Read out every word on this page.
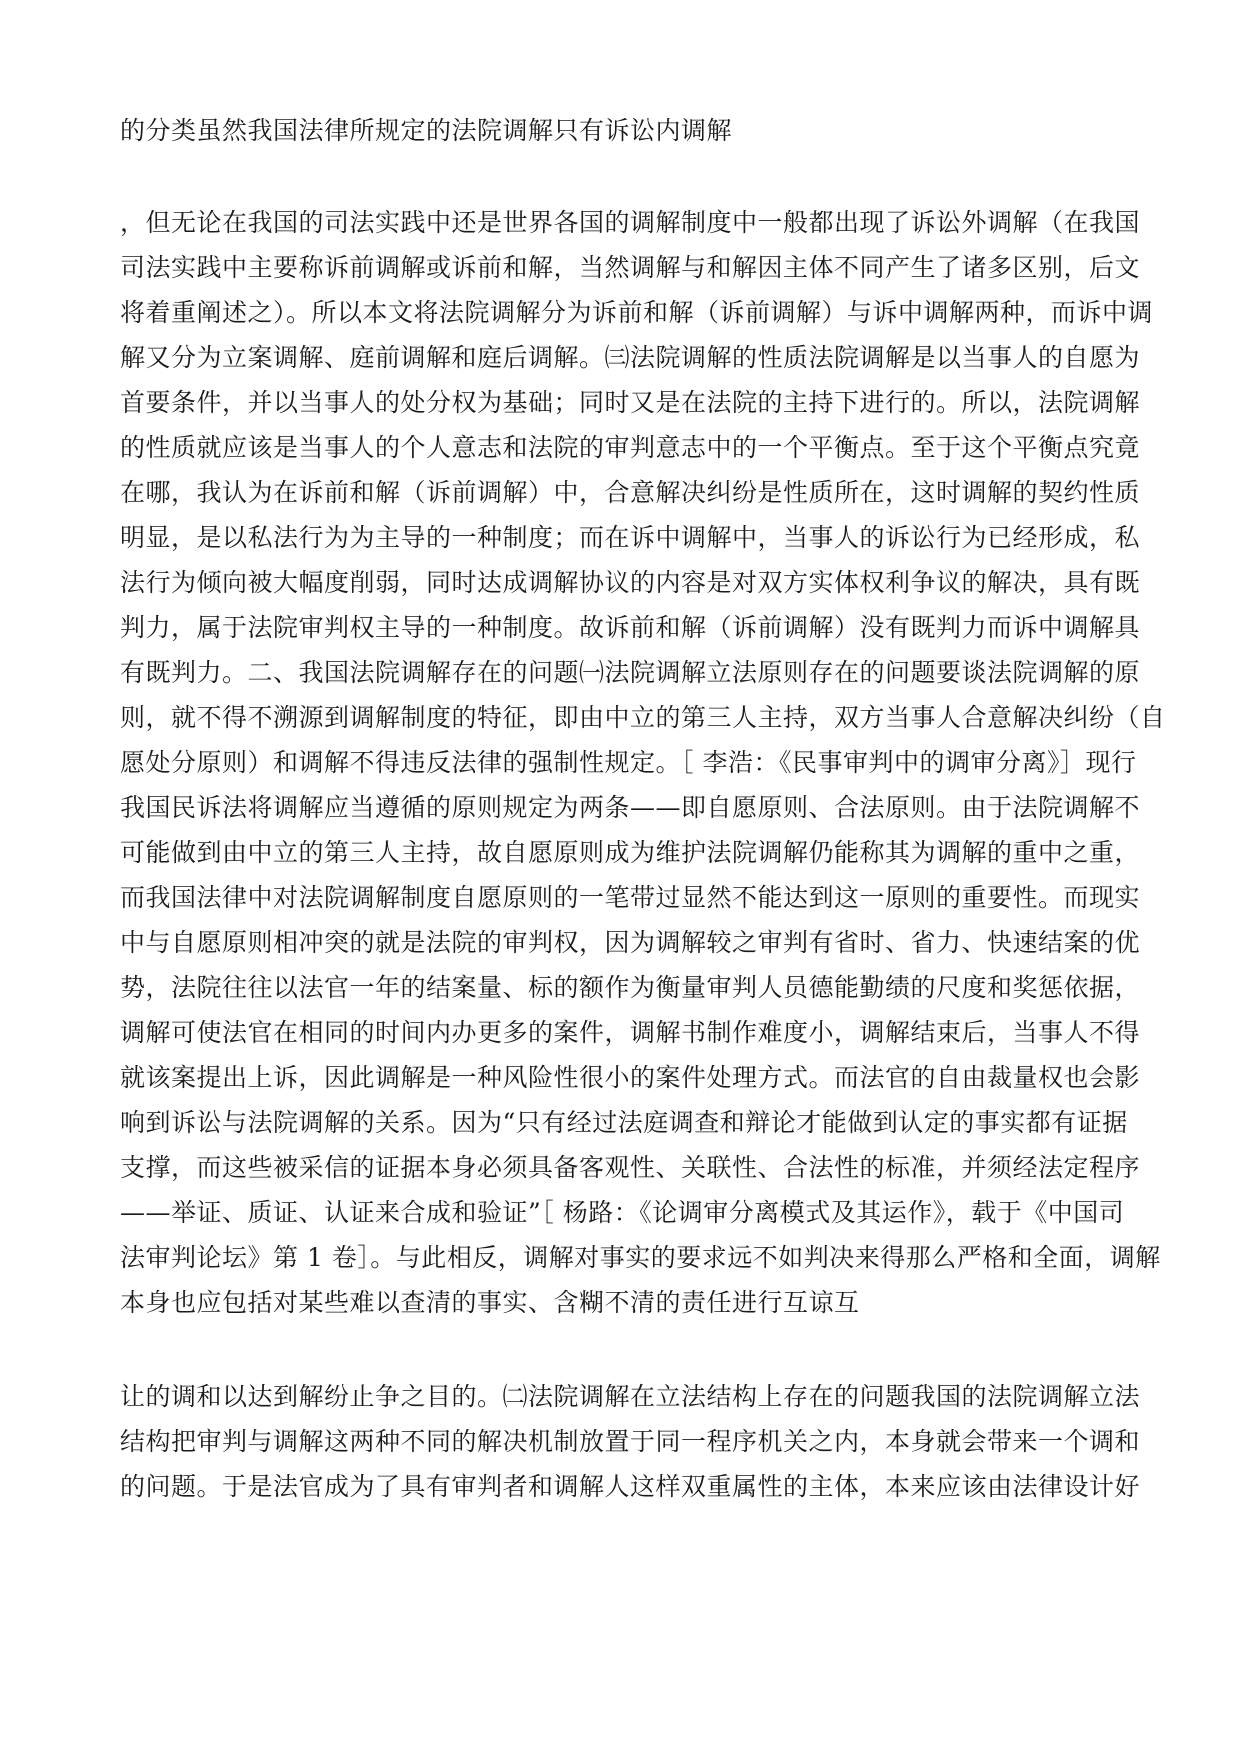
的分类虽然我国法律所规定的法院调解只有诉讼内调解
，但无论在我国的司法实践中还是世界各国的调解制度中一般都出现了诉讼外调解（在我国
司法实践中主要称诉前调解或诉前和解，当然调解与和解因主体不同产生了诸多区别，后文
将着重阐述之）。所以本文将法院调解分为诉前和解（诉前调解）与诉中调解两种，而诉中调
解又分为立案调解、庭前调解和庭后调解。㈢法院调解的性质法院调解是以当事人的自愿为
首要条件，并以当事人的处分权为基础；同时又是在法院的主持下进行的。所以，法院调解
的性质就应该是当事人的个人意志和法院的审判意志中的一个平衡点。至于这个平衡点究竟
在哪，我认为在诉前和解（诉前调解）中，合意解决纠纷是性质所在，这时调解的契约性质
明显，是以私法行为为主导的一种制度；而在诉中调解中，当事人的诉讼行为已经形成，私
法行为倾向被大幅度削弱，同时达成调解协议的内容是对双方实体权利争议的解决，具有既
判力，属于法院审判权主导的一种制度。故诉前和解（诉前调解）没有既判力而诉中调解具
有既判力。二、我国法院调解存在的问题㈠法院调解立法原则存在的问题要谈法院调解的原
则，就不得不溯源到调解制度的特征，即由中立的第三人主持，双方当事人合意解决纠纷（自
愿处分原则）和调解不得违反法律的强制性规定。［ 李浩：《民事审判中的调审分离》］现行
我国民诉法将调解应当遵循的原则规定为两条——即自愿原则、合法原则。由于法院调解不
可能做到由中立的第三人主持，故自愿原则成为维护法院调解仍能称其为调解的重中之重，
而我国法律中对法院调解制度自愿原则的一笔带过显然不能达到这一原则的重要性。而现实
中与自愿原则相冲突的就是法院的审判权，因为调解较之审判有省时、省力、快速结案的优
势，法院往往以法官一年的结案量、标的额作为衡量审判人员德能勤绩的尺度和奖惩依据，
调解可使法官在相同的时间内办更多的案件，调解书制作难度小，调解结束后，当事人不得
就该案提出上诉，因此调解是一种风险性很小的案件处理方式。而法官的自由裁量权也会影
响到诉讼与法院调解的关系。因为“只有经过法庭调查和辩论才能做到认定的事实都有证据
支撑，而这些被采信的证据本身必须具备客观性、关联性、合法性的标准，并须经法定程序
——举证、质证、认证来合成和验证”［ 杨路：《论调审分离模式及其运作》，载于《中国司
法审判论坛》第 1 卷］。与此相反，调解对事实的要求远不如判决来得那么严格和全面，调解
本身也应包括对某些难以查清的事实、含糊不清的责任进行互谅互
让的调和以达到解纷止争之目的。㈡法院调解在立法结构上存在的问题我国的法院调解立法
结构把审判与调解这两种不同的解决机制放置于同一程序机关之内，本身就会带来一个调和
的问题。于是法官成为了具有审判者和调解人这样双重属性的主体，本来应该由法律设计好
